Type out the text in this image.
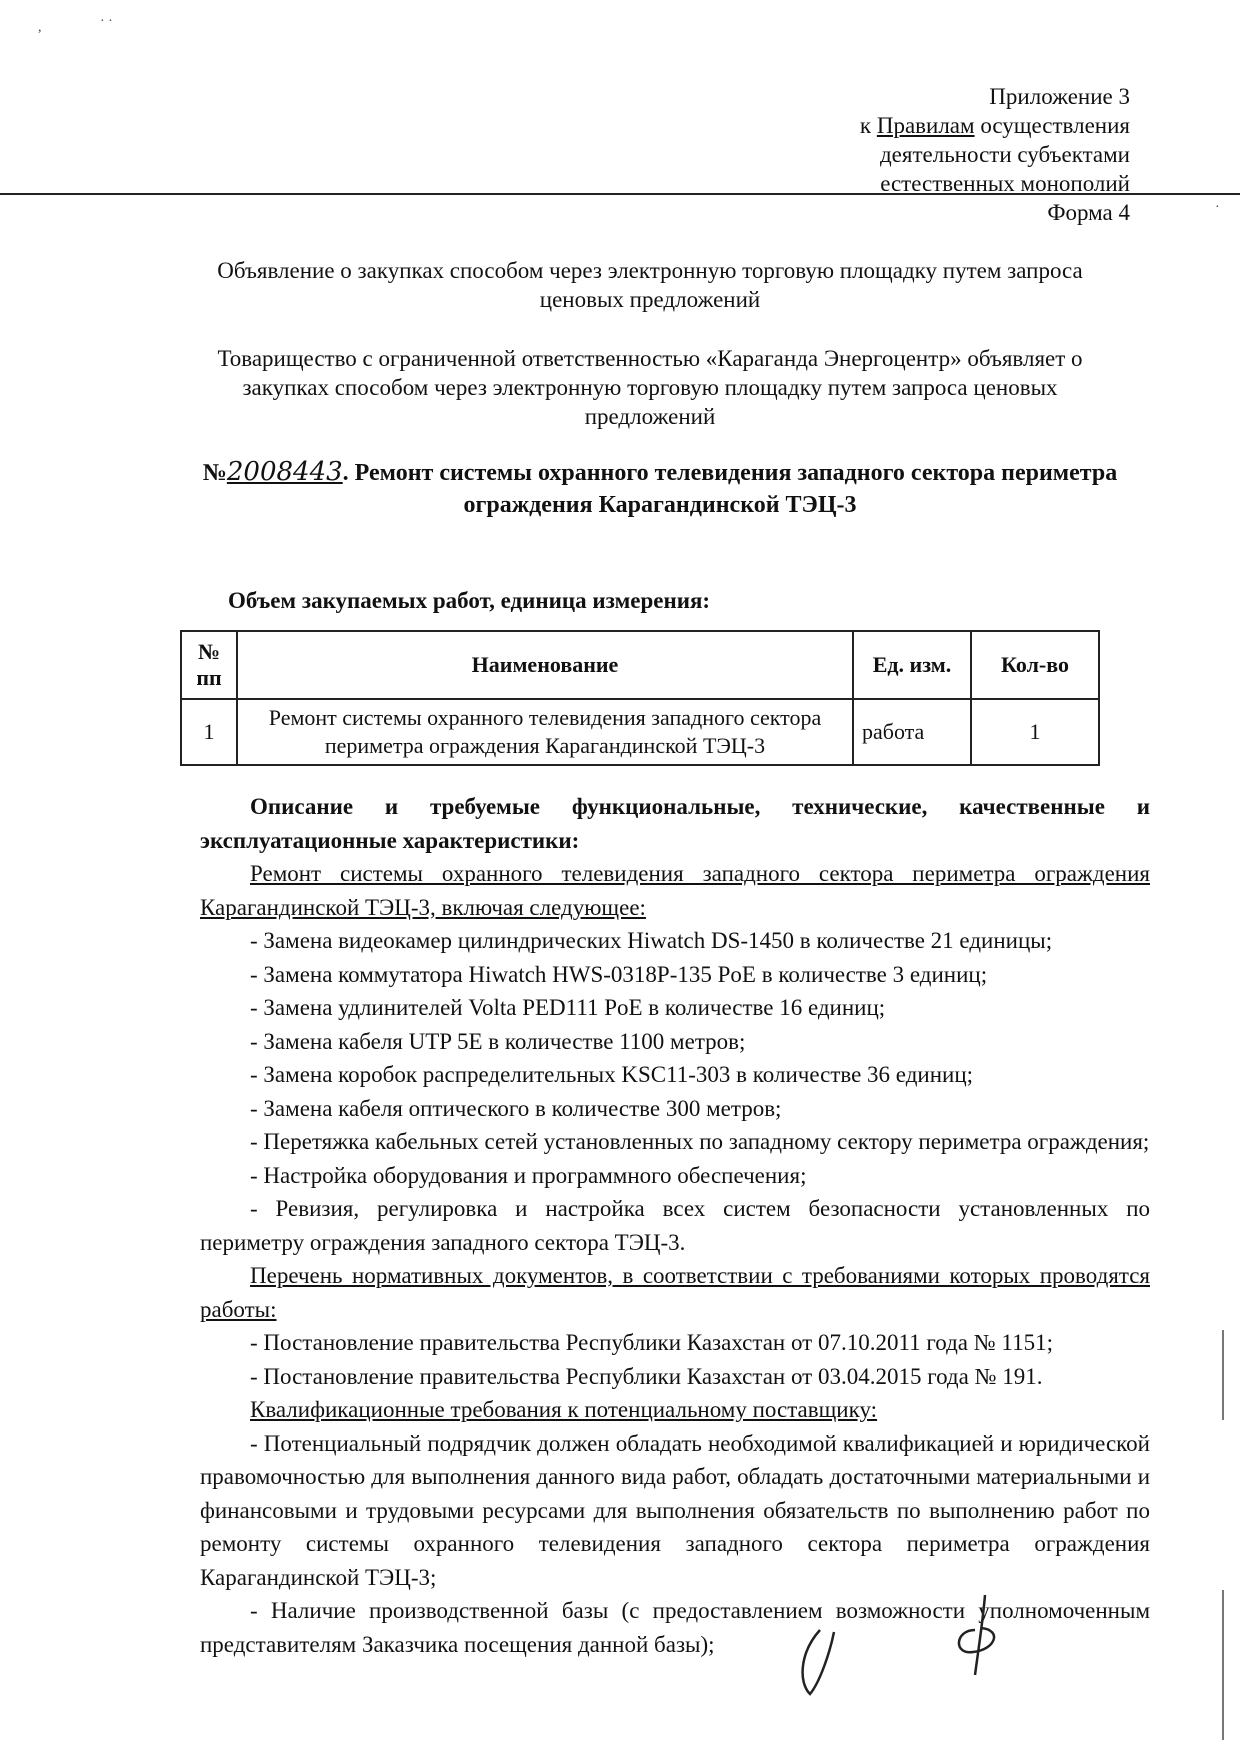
,	· ·
·
Приложение 3
к Правилам осуществления
деятельности субъектами
естественных монополий
Форма 4
Объявление о закупках способом через электронную торговую площадку путем запроса
ценовых предложений
Товарищество с ограниченной ответственностью «Караганда Энергоцентр» объявляет о
закупках способом через электронную торговую площадку путем запроса ценовых
предложений
№2008443. Ремонт системы охранного телевидения западного сектора периметра
ограждения Карагандинской ТЭЦ-3
Объем закупаемых работ, единица измерения:
№ пп	Наименование	Ед. изм.	Кол-во
1	Ремонт системы охранного телевидения западного сектора периметра ограждения Карагандинской ТЭЦ-3	работа	1

Описание и требуемые функциональные, технические, качественные и эксплуатационные характеристики:

Ремонт системы охранного телевидения западного сектора периметра ограждения Карагандинской ТЭЦ-3, включая следующее:

- Замена видеокамер цилиндрических Hiwatch DS-1450 в количестве 21 единицы;

- Замена коммутатора Hiwatch HWS-0318P-135 PoE в количестве 3 единиц;

- Замена удлинителей Volta PED111 PoE в количестве 16 единиц;

- Замена кабеля UTP 5E в количестве 1100 метров;

- Замена коробок распределительных KSC11-303 в количестве 36 единиц;

- Замена кабеля оптического в количестве 300 метров;

- Перетяжка кабельных сетей установленных по западному сектору периметра ограждения;

- Настройка оборудования и программного обеспечения;

- Ревизия, регулировка и настройка всех систем безопасности установленных по периметру ограждения западного сектора ТЭЦ-3.

Перечень нормативных документов, в соответствии с требованиями которых проводятся работы:

- Постановление правительства Республики Казахстан от 07.10.2011 года № 1151;

- Постановление правительства Республики Казахстан от 03.04.2015 года № 191.

Квалификационные требования к потенциальному поставщику:

- Потенциальный подрядчик должен обладать необходимой квалификацией и юридической правомочностью для выполнения данного вида работ, обладать достаточными материальными и финансовыми и трудовыми ресурсами для выполнения обязательств по выполнению работ по ремонту системы охранного телевидения западного сектора периметра ограждения Карагандинской ТЭЦ-3;

- Наличие производственной базы (с предоставлением возможности уполномоченным представителям Заказчика посещения данной базы);
